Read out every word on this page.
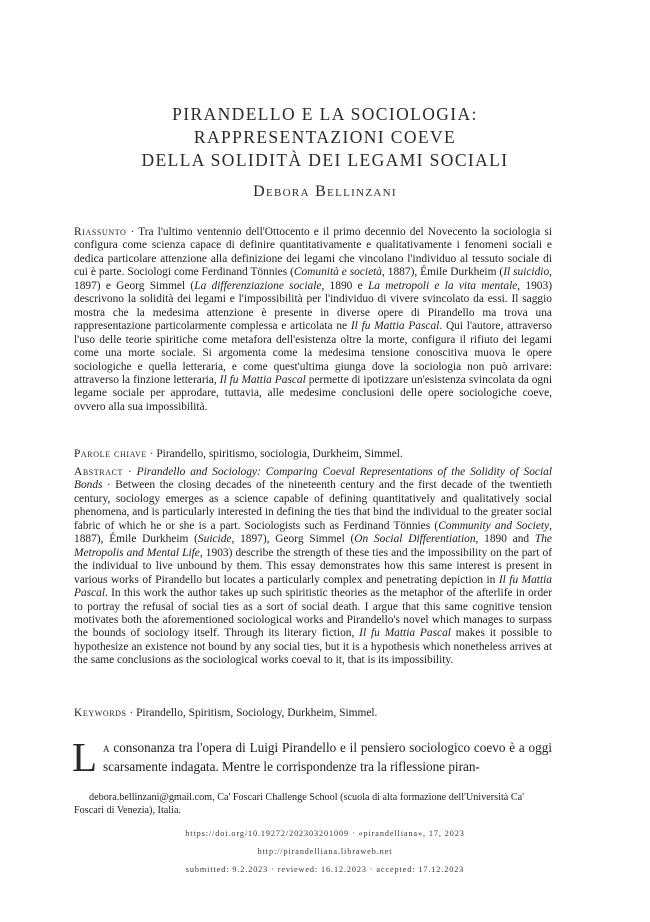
PIRANDELLO E LA SOCIOLOGIA:
RAPPRESENTAZIONI COEVE
DELLA SOLIDITÀ DEI LEGAMI SOCIALI
Debora Bellinzani
Riassunto · Tra l'ultimo ventennio dell'Ottocento e il primo decennio del Novecento la sociologia si configura come scienza capace di definire quantitativamente e qualitativamente i fenomeni sociali e dedica particolare attenzione alla definizione dei legami che vincolano l'individuo al tessuto sociale di cui è parte. Sociologi come Ferdinand Tönnies (Comunità e società, 1887), Émile Durkheim (Il suicidio, 1897) e Georg Simmel (La differenziazione sociale, 1890 e La metropoli e la vita mentale, 1903) descrivono la solidità dei legami e l'impossibilità per l'individuo di vivere svincolato da essi. Il saggio mostra che la medesima attenzione è presente in diverse opere di Pirandello ma trova una rappresentazione particolarmente complessa e articolata ne Il fu Mattia Pascal. Qui l'autore, attraverso l'uso delle teorie spiritiche come metafora dell'esistenza oltre la morte, configura il rifiuto dei legami come una morte sociale. Si argomenta come la medesima tensione conoscitiva muova le opere sociologiche e quella letteraria, e come quest'ultima giunga dove la sociologia non può arrivare: attraverso la finzione letteraria, Il fu Mattia Pascal permette di ipotizzare un'esistenza svincolata da ogni legame sociale per approdare, tuttavia, alle medesime conclusioni delle opere sociologiche coeve, ovvero alla sua impossibilità.
Parole chiave · Pirandello, spiritismo, sociologia, Durkheim, Simmel.
Abstract · Pirandello and Sociology: Comparing Coeval Representations of the Solidity of Social Bonds · Between the closing decades of the nineteenth century and the first decade of the twentieth century, sociology emerges as a science capable of defining quantitatively and qualitatively social phenomena, and is particularly interested in defining the ties that bind the individual to the greater social fabric of which he or she is a part. Sociologists such as Ferdinand Tönnies (Community and Society, 1887), Émile Durkheim (Suicide, 1897), Georg Simmel (On Social Differentiation, 1890 and The Metropolis and Mental Life, 1903) describe the strength of these ties and the impossibility on the part of the individual to live unbound by them. This essay demonstrates how this same interest is present in various works of Pirandello but locates a particularly complex and penetrating depiction in Il fu Mattia Pascal. In this work the author takes up such spiritistic theories as the metaphor of the afterlife in order to portray the refusal of social ties as a sort of social death. I argue that this same cognitive tension motivates both the aforementioned sociological works and Pirandello's novel which manages to surpass the bounds of sociology itself. Through its literary fiction, Il fu Mattia Pascal makes it possible to hypothesize an existence not bound by any social ties, but it is a hypothesis which nonetheless arrives at the same conclusions as the sociological works coeval to it, that is its impossibility.
Keywords · Pirandello, Spiritism, Sociology, Durkheim, Simmel.
La consonanza tra l'opera di Luigi Pirandello e il pensiero sociologico coevo è a oggi scarsamente indagata. Mentre le corrispondenze tra la riflessione piran-
debora.bellinzani@gmail.com, Ca' Foscari Challenge School (scuola di alta formazione dell'Università Ca' Foscari di Venezia), Italia.
https://doi.org/10.19272/202303201009 · «pirandelliana», 17, 2023
http://pirandelliana.libraweb.net
submitted: 9.2.2023 · reviewed: 16.12.2023 · accepted: 17.12.2023
